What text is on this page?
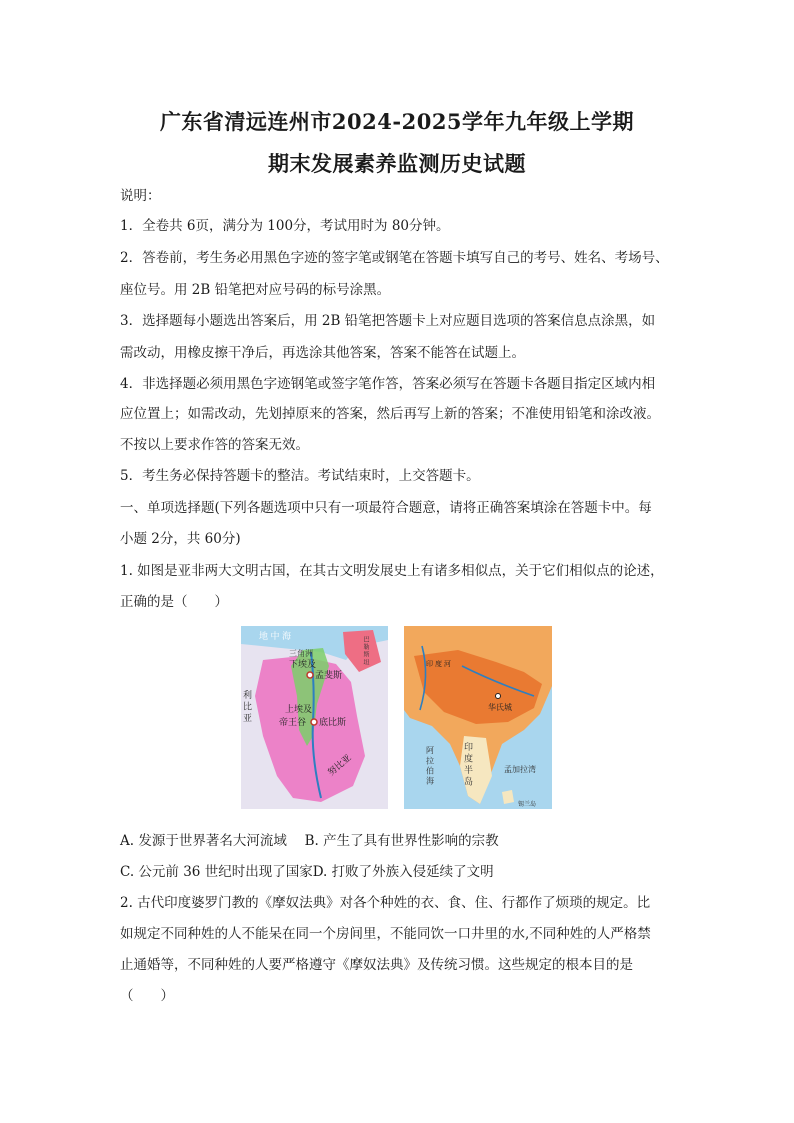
广东省清远连州市2024-2025学年九年级上学期
期末发展素养监测历史试题
说明：
1．全卷共 6页，满分为 100分，考试用时为 80分钟。
2．答卷前，考生务必用黑色字迹的签字笔或钢笔在答题卡填写自己的考号、姓名、考场号、
座位号。用 2B 铅笔把对应号码的标号涂黑。
3．选择题每小题选出答案后，用 2B 铅笔把答题卡上对应题目选项的答案信息点涂黑，如
需改动，用橡皮擦干净后，再选涂其他答案，答案不能答在试题上。
4．非选择题必须用黑色字迹钢笔或签字笔作答，答案必须写在答题卡各题目指定区域内相
应位置上；如需改动，先划掉原来的答案，然后再写上新的答案；不准使用铅笔和涂改液。
不按以上要求作答的答案无效。
5．考生务必保持答题卡的整洁。考试结束时，上交答题卡。
一、单项选择题(下列各题选项中只有一项最符合题意，请将正确答案填涂在答题卡中。每
小题 2分，共 60分)
1. 如图是亚非两大文明古国，在其古文明发展史上有诸多相似点，关于它们相似点的论述，
正确的是（　　）
地 中 海	巴 勒 斯 坦
三角洲
下埃及
孟斐斯
利 比 亚	上埃及
帝王谷 底比斯
努比亚
印 度 河
华氏城
印 度 半 岛	孟加拉湾
阿 拉 伯 海
锡兰岛
A. 发源于世界著名大河流域　 B. 产生了具有世界性影响的宗教
C. 公元前 36 世纪时出现了国家D. 打败了外族入侵延续了文明
2. 古代印度婆罗门教的《摩奴法典》对各个种姓的衣、食、住、行都作了烦琐的规定。比
如规定不同种姓的人不能呆在同一个房间里，不能同饮一口井里的水,不同种姓的人严格禁
止通婚等，不同种姓的人要严格遵守《摩奴法典》及传统习惯。这些规定的根本目的是
（　　）
